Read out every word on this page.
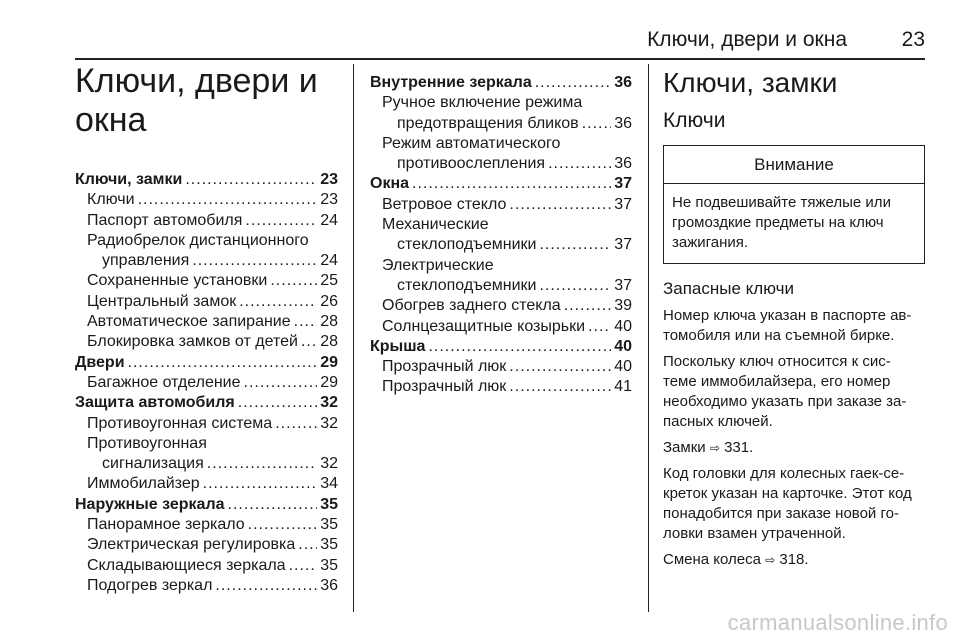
Ключи, двери и окна	23
Ключи, двери и
окна
Ключи, замки .....	23
Ключи .....	23
Паспорт автомобиля .....	24
Радиобрелок дистанционного
управления .....	24
Сохраненные установки .....	25
Центральный замок .....	26
Автоматическое запирание ..... 28
Блокировка замков от детей ..... 28
Двери .....	29
Багажное отделение .....	29
Защита автомобиля .....	32
Противоугонная система .....	32
Противоугонная
сигнализация .....	32
Иммобилайзер .....	34
Наружные зеркала .....	35
Панорамное зеркало .....	35
Электрическая регулировка ..... 35
Складывающиеся зеркала ..... 35
Подогрев зеркал .....	36
Внутренние зеркала .....	36
Ручное включение режима
предотвращения бликов ..... 36
Режим автоматического
противоослепления .....	36
Окна .....	37
Ветровое стекло .....	37
Механические
стеклоподъемники .....	37
Электрические
стеклоподъемники .....	37
Обогрев заднего стекла .....	39
Солнцезащитные козырьки ..... 40
Крыша .....	40
Прозрачный люк .....	40
Прозрачный люк .....	41
Ключи, замки
Ключи
Внимание
Не подвешивайте тяжелые или
громоздкие предметы на ключ
зажигания.
Запасные ключи

Номер ключа указан в паспорте ав-
томобиля или на съемной бирке.

Поскольку ключ относится к сис-
теме иммобилайзера, его номер
необходимо указать при заказе за-
пасных ключей.

Замки ⇨ 331.

Код головки для колесных гаек-се-
креток указан на карточке. Этот код
понадобится при заказе новой го-
ловки взамен утраченной.

Смена колеса ⇨ 318.

carmanualsonline.info
